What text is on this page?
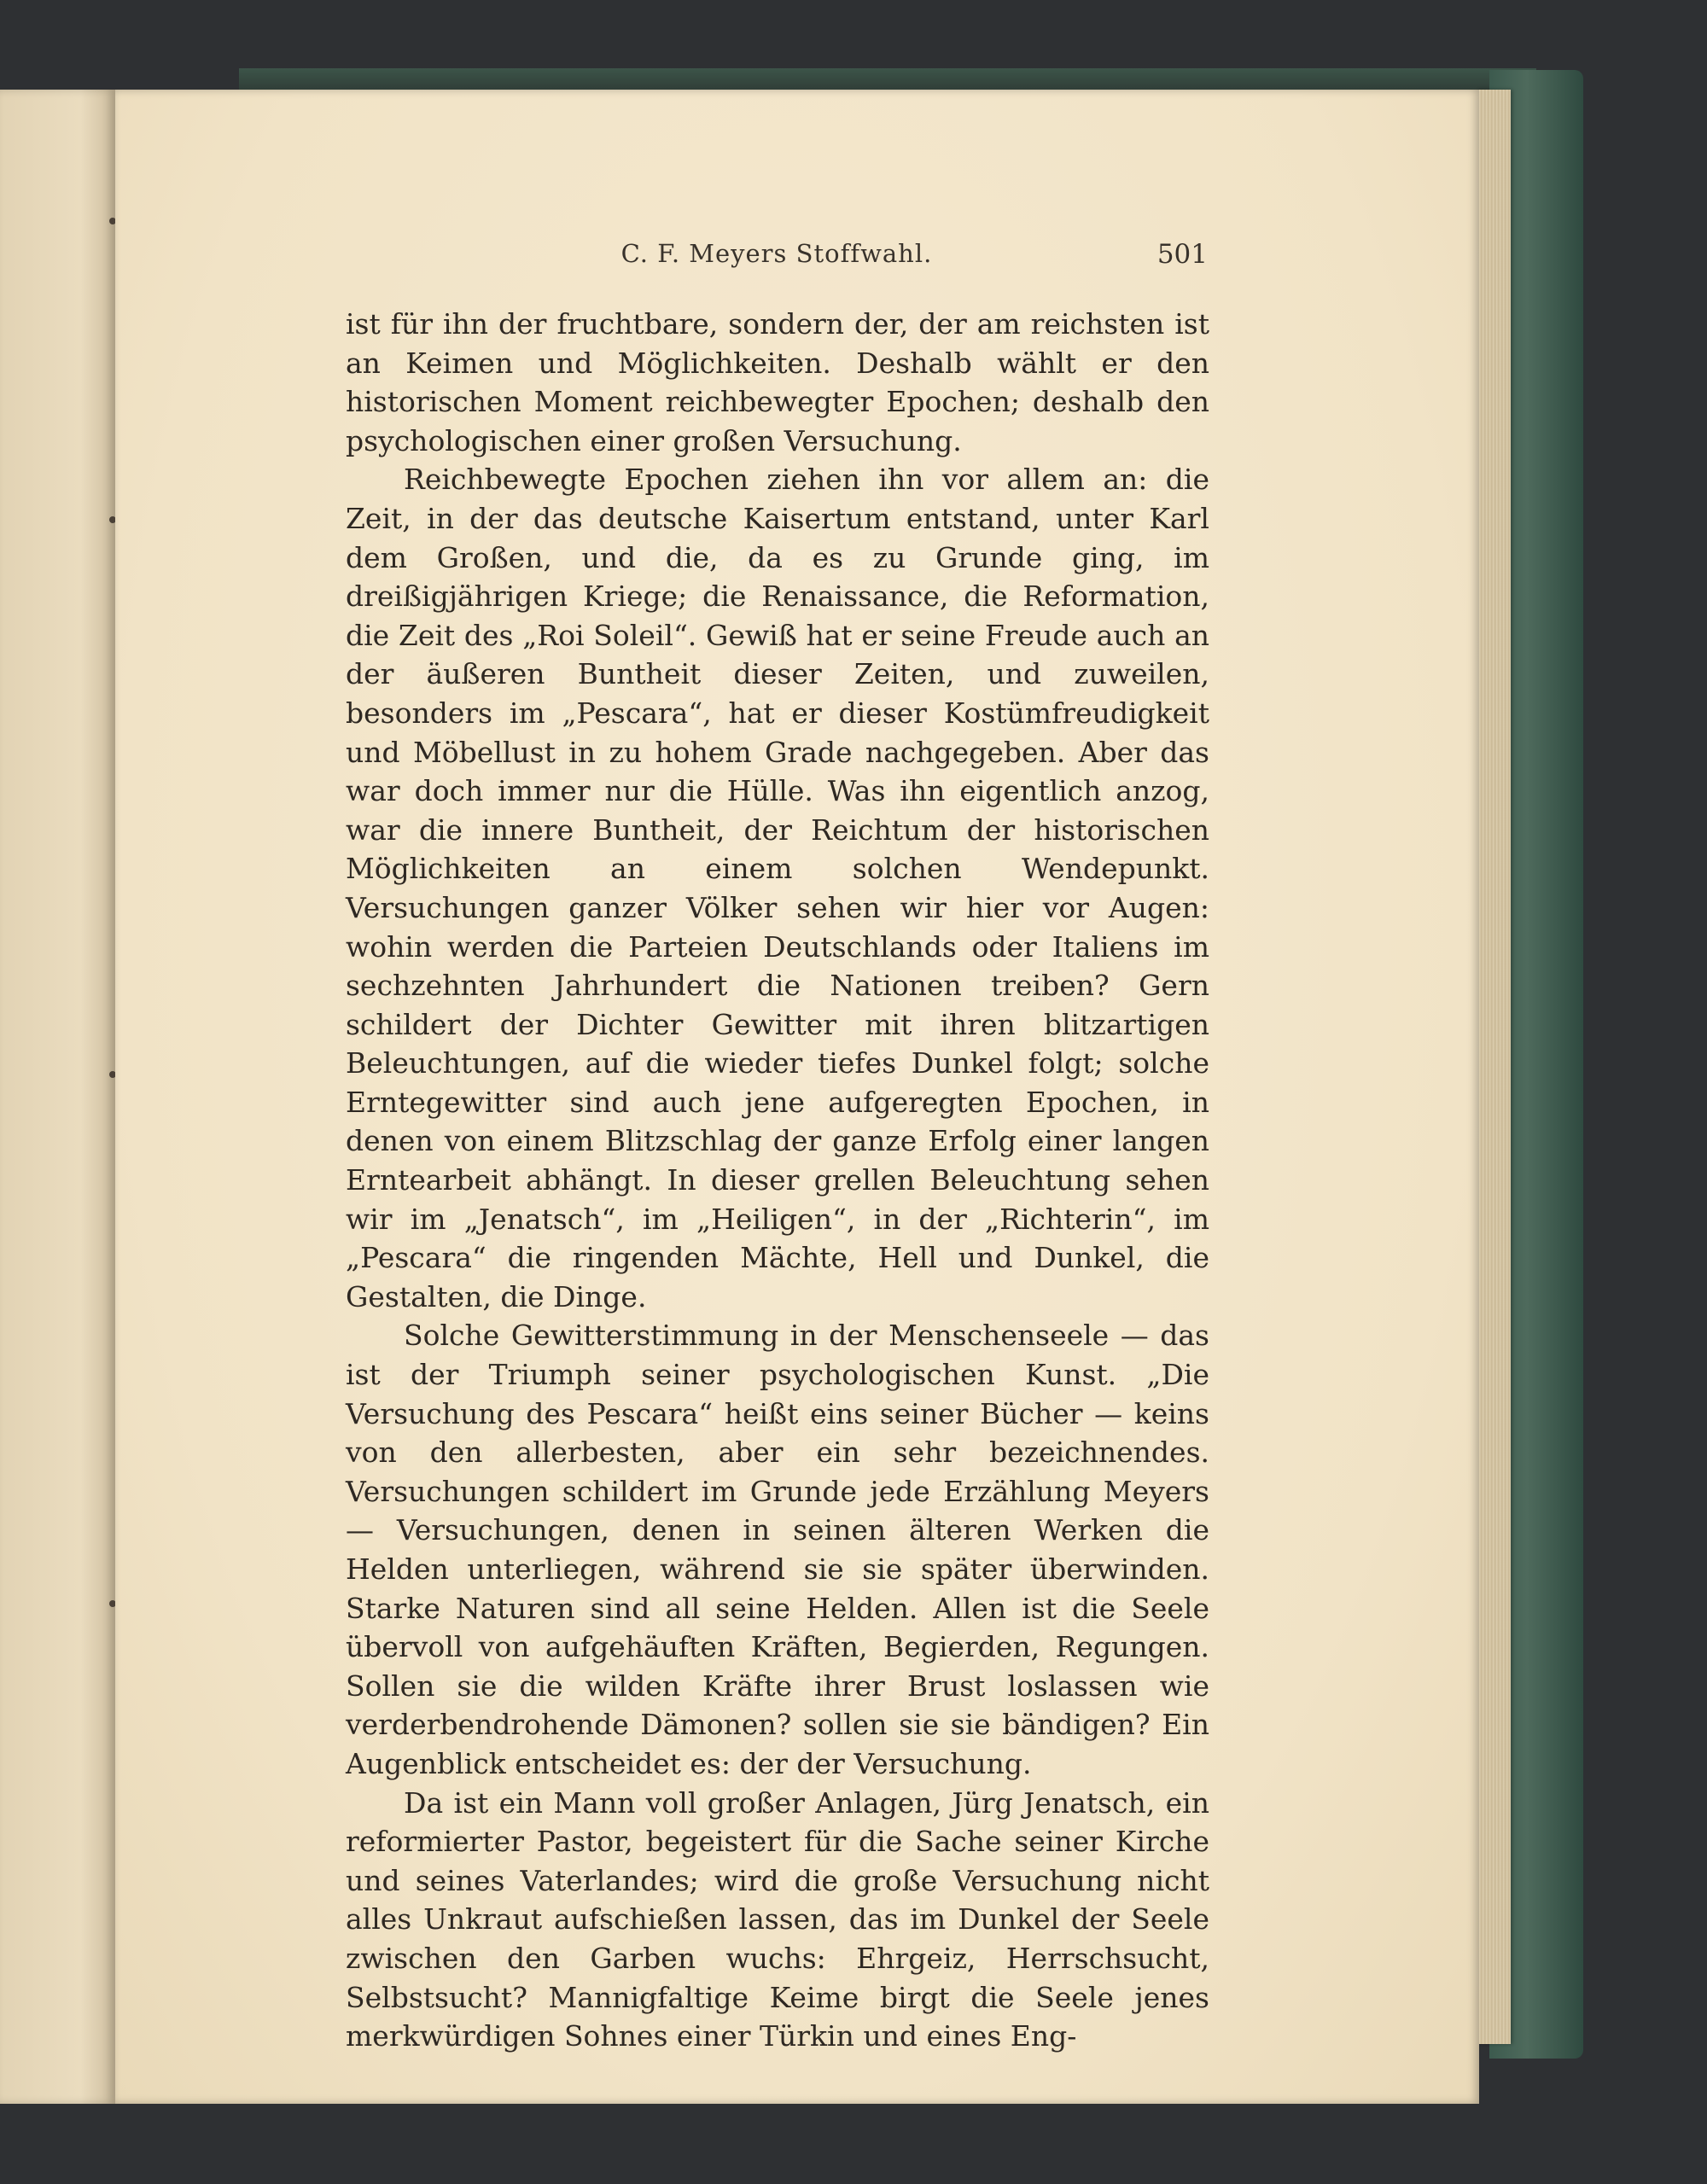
C. F. Meyers Stoffwahl.	501

ist für ihn der fruchtbare, sondern der, der am reichsten ist an Keimen und Möglichkeiten. Deshalb wählt er den historischen Moment reichbewegter Epochen; deshalb den psychologischen einer großen Versuchung.

Reichbewegte Epochen ziehen ihn vor allem an: die Zeit, in der das deutsche Kaisertum entstand, unter Karl dem Großen, und die, da es zu Grunde ging, im dreißigjährigen Kriege; die Renaissance, die Reformation, die Zeit des „Roi Soleil“. Gewiß hat er seine Freude auch an der äußeren Buntheit dieser Zeiten, und zuweilen, besonders im „Pescara“, hat er dieser Kostümfreudigkeit und Möbellust in zu hohem Grade nachgegeben. Aber das war doch immer nur die Hülle. Was ihn eigentlich anzog, war die innere Buntheit, der Reichtum der historischen Möglichkeiten an einem solchen Wendepunkt. Versuchungen ganzer Völker sehen wir hier vor Augen: wohin werden die Parteien Deutschlands oder Italiens im sechzehnten Jahrhundert die Nationen treiben? Gern schildert der Dichter Gewitter mit ihren blitzartigen Beleuchtungen, auf die wieder tiefes Dunkel folgt; solche Erntegewitter sind auch jene aufgeregten Epochen, in denen von einem Blitzschlag der ganze Erfolg einer langen Erntearbeit abhängt. In dieser grellen Beleuchtung sehen wir im „Jenatsch“, im „Heiligen“, in der „Richterin“, im „Pescara“ die ringenden Mächte, Hell und Dunkel, die Gestalten, die Dinge.

Solche Gewitterstimmung in der Menschenseele — das ist der Triumph seiner psychologischen Kunst. „Die Versuchung des Pescara“ heißt eins seiner Bücher — keins von den allerbesten, aber ein sehr bezeichnendes. Versuchungen schildert im Grunde jede Erzählung Meyers — Versuchungen, denen in seinen älteren Werken die Helden unterliegen, während sie sie später überwinden. Starke Naturen sind all seine Helden. Allen ist die Seele übervoll von aufgehäuften Kräften, Begierden, Regungen. Sollen sie die wilden Kräfte ihrer Brust loslassen wie verderbendrohende Dämonen? sollen sie sie bändigen? Ein Augenblick entscheidet es: der der Versuchung.

Da ist ein Mann voll großer Anlagen, Jürg Jenatsch, ein reformierter Pastor, begeistert für die Sache seiner Kirche und seines Vaterlandes; wird die große Versuchung nicht alles Unkraut aufschießen lassen, das im Dunkel der Seele zwischen den Garben wuchs: Ehrgeiz, Herrschsucht, Selbstsucht? Mannigfaltige Keime birgt die Seele jenes merkwürdigen Sohnes einer Türkin und eines Eng-
